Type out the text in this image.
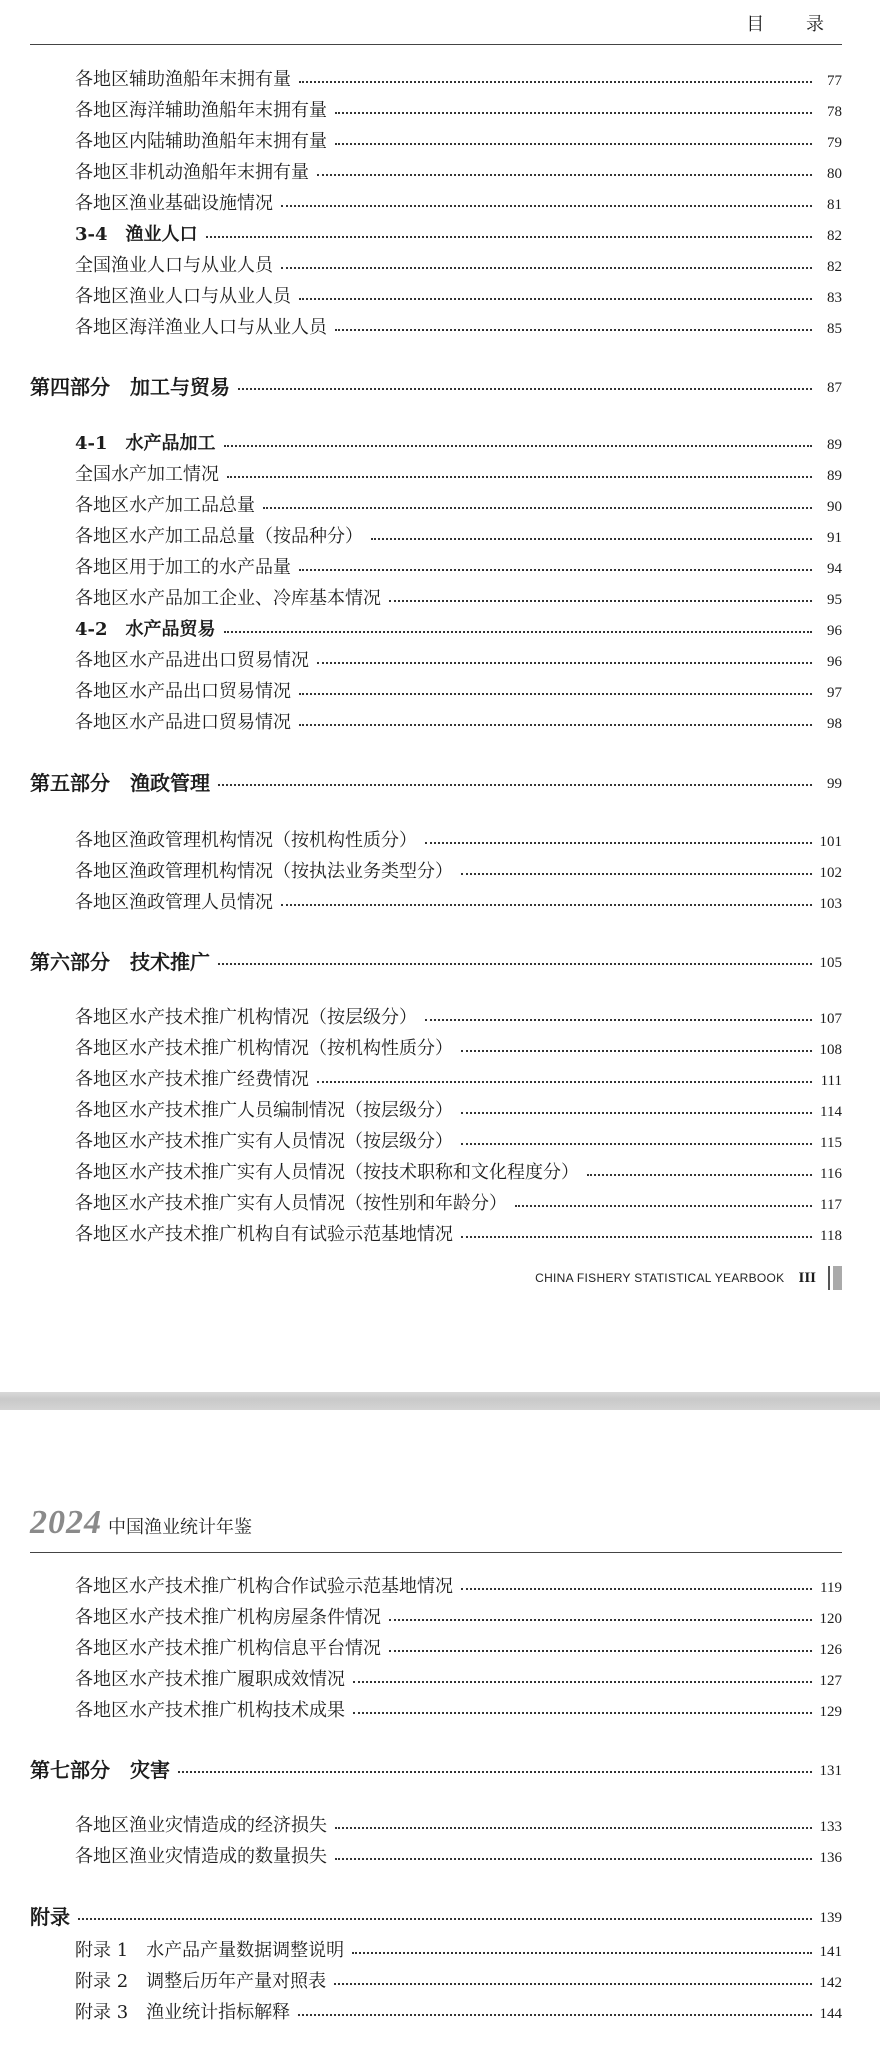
目 录
各地区辅助渔船年末拥有量	77
各地区海洋辅助渔船年末拥有量	78
各地区内陆辅助渔船年末拥有量	79
各地区非机动渔船年末拥有量	80
各地区渔业基础设施情况	81
3-4　渔业人口	82
全国渔业人口与从业人员	82
各地区渔业人口与从业人员	83
各地区海洋渔业人口与从业人员	85
第四部分　加工与贸易	87
4-1　水产品加工	89
全国水产加工情况	89
各地区水产加工品总量	90
各地区水产加工品总量（按品种分）	91
各地区用于加工的水产品量	94
各地区水产品加工企业、冷库基本情况	95
4-2　水产品贸易	96
各地区水产品进出口贸易情况	96
各地区水产品出口贸易情况	97
各地区水产品进口贸易情况	98
第五部分　渔政管理	99
各地区渔政管理机构情况（按机构性质分）	101
各地区渔政管理机构情况（按执法业务类型分）	102
各地区渔政管理人员情况	103
第六部分　技术推广	105
各地区水产技术推广机构情况（按层级分）	107
各地区水产技术推广机构情况（按机构性质分）	108
各地区水产技术推广经费情况	111
各地区水产技术推广人员编制情况（按层级分）	114
各地区水产技术推广实有人员情况（按层级分）	115
各地区水产技术推广实有人员情况（按技术职称和文化程度分）	116
各地区水产技术推广实有人员情况（按性别和年龄分）	117
各地区水产技术推广机构自有试验示范基地情况	118
CHINA FISHERY STATISTICAL YEARBOOK III
2024 中国渔业统计年鉴
各地区水产技术推广机构合作试验示范基地情况	119
各地区水产技术推广机构房屋条件情况	120
各地区水产技术推广机构信息平台情况	126
各地区水产技术推广履职成效情况	127
各地区水产技术推广机构技术成果	129
第七部分　灾害	131
各地区渔业灾情造成的经济损失	133
各地区渔业灾情造成的数量损失	136
附录	139
附录 1　水产品产量数据调整说明	141
附录 2　调整后历年产量对照表	142
附录 3　渔业统计指标解释	144
